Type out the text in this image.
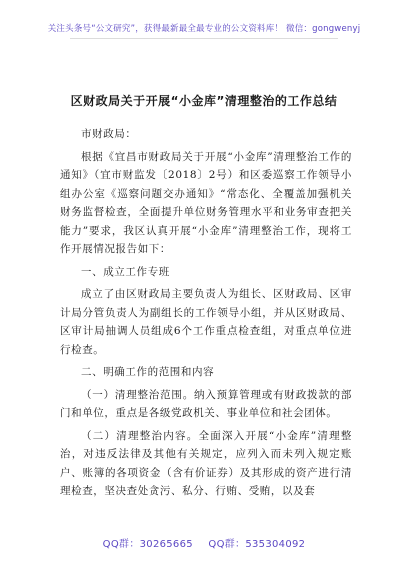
关注头条号“公文研究”，获得最新最全最专业的公文资料库！ 微信：gongwenyj
区财政局关于开展“小金库”清理整治的工作总结

市财政局：

根据《宜昌市财政局关于开展“小金库”清理整治工作的通知》（宜市财监发〔2018〕2号）和区委巡察工作领导小组办公室《巡察问题交办通知》“常态化、全覆盖加强机关财务监督检查，全面提升单位财务管理水平和业务审查把关能力”要求，我区认真开展“小金库”清理整治工作，现将工作开展情况报告如下：

一、成立工作专班

成立了由区财政局主要负责人为组长、区财政局、区审计局分管负责人为副组长的工作领导小组，并从区财政局、区审计局抽调人员组成6个工作重点检查组，对重点单位进行检查。

二、明确工作的范围和内容

（一）清理整治范围。纳入预算管理或有财政拨款的部门和单位，重点是各级党政机关、事业单位和社会团体。

（二）清理整治内容。全面深入开展“小金库”清理整治，对违反法律及其他有关规定，应列入而未列入规定账户、账簿的各项资金（含有价证券）及其形成的资产进行清理检查，坚决查处贪污、私分、行贿、受贿，以及套

QQ群：30265665 QQ群：535304092
